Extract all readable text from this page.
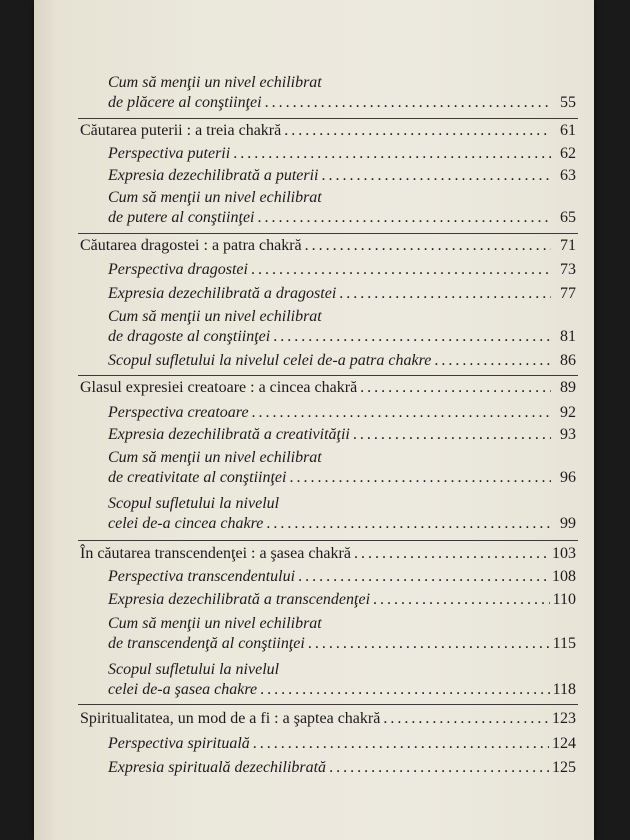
Cum să menţii un nivel echilibrat
de plăcere al conştiinţei . . .	55
Căutarea puterii : a treia chakră . . .	61
Perspectiva puterii . . .	62
Expresia dezechilibrată a puterii . . .	63
Cum să menţii un nivel echilibrat
de putere al conştiinţei . . .	65
Căutarea dragostei : a patra chakră . . .	71
Perspectiva dragostei . . .	73
Expresia dezechilibrată a dragostei . . .	77
Cum să menţii un nivel echilibrat
de dragoste al conştiinţei . . .	81
Scopul sufletului la nivelul celei de-a patra chakre . . .	86
Glasul expresiei creatoare : a cincea chakră . . .	89
Perspectiva creatoare . . .	92
Expresia dezechilibrată a creativităţii . . .	93
Cum să menţii un nivel echilibrat
de creativitate al conştiinţei . . .	96
Scopul sufletului la nivelul
celei de-a cincea chakre . . .	99
În căutarea transcendenţei : a şasea chakră . . .	103
Perspectiva transcendentului . . .	108
Expresia dezechilibrată a transcendenţei . . .	110
Cum să menţii un nivel echilibrat
de transcendenţă al conştiinţei . . .	115
Scopul sufletului la nivelul
celei de-a şasea chakre . . .	118
Spiritualitatea, un mod de a fi : a şaptea chakră . . .	123
Perspectiva spirituală . . .	124
Expresia spirituală dezechilibrată . . .	125
